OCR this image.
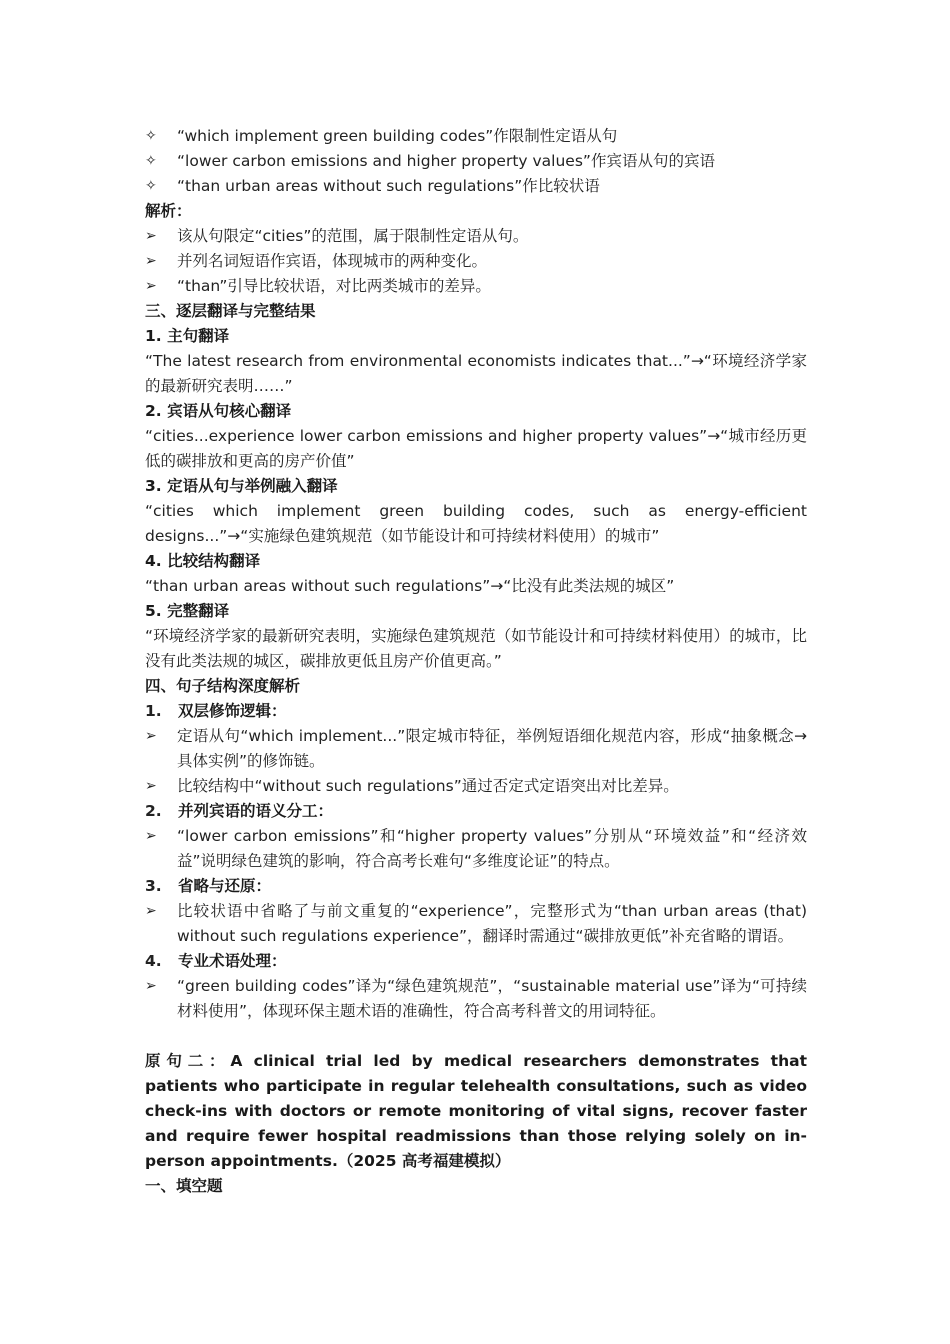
✧	“which implement green building codes”作限制性定语从句
✧	“lower carbon emissions and higher property values”作宾语从句的宾语
✧	“than urban areas without such regulations”作比较状语
解析：
➢	该从句限定“cities”的范围，属于限制性定语从句。
➢	并列名词短语作宾语，体现城市的两种变化。
➢	“than”引导比较状语，对比两类城市的差异。
三、逐层翻译与完整结果
1. 主句翻译
“The latest research from environmental economists indicates that...”→“环境经济学家的最新研究表明……”
2. 宾语从句核心翻译
“cities...experience lower carbon emissions and higher property values”→“城市经历更低的碳排放和更高的房产价值”
3. 定语从句与举例融入翻译
“cities which implement green building codes, such as energy-efficient designs...”→“实施绿色建筑规范（如节能设计和可持续材料使用）的城市”
4. 比较结构翻译
“than urban areas without such regulations”→“比没有此类法规的城区”
5. 完整翻译
“环境经济学家的最新研究表明，实施绿色建筑规范（如节能设计和可持续材料使用）的城市，比没有此类法规的城区，碳排放更低且房产价值更高。”
四、句子结构深度解析
1.	双层修饰逻辑：
➢	定语从句“which implement...”限定城市特征，举例短语细化规范内容，形成“抽象概念→具体实例”的修饰链。
➢	比较结构中“without such regulations”通过否定式定语突出对比差异。
2.	并列宾语的语义分工：
➢	“lower carbon emissions”和“higher property values”分别从“环境效益”和“经济效益”说明绿色建筑的影响，符合高考长难句“多维度论证”的特点。
3.	省略与还原：
➢	比较状语中省略了与前文重复的“experience”，完整形式为“than urban areas (that) without such regulations experience”，翻译时需通过“碳排放更低”补充省略的谓语。
4.	专业术语处理：
➢	“green building codes”译为“绿色建筑规范”，“sustainable material use”译为“可持续材料使用”，体现环保主题术语的准确性，符合高考科普文的用词特征。
原句二：A clinical trial led by medical researchers demonstrates that patients who participate in regular telehealth consultations, such as video check-ins with doctors or remote monitoring of vital signs, recover faster and require fewer hospital readmissions than those relying solely on in-person appointments.（2025 高考福建模拟）
一、填空题
